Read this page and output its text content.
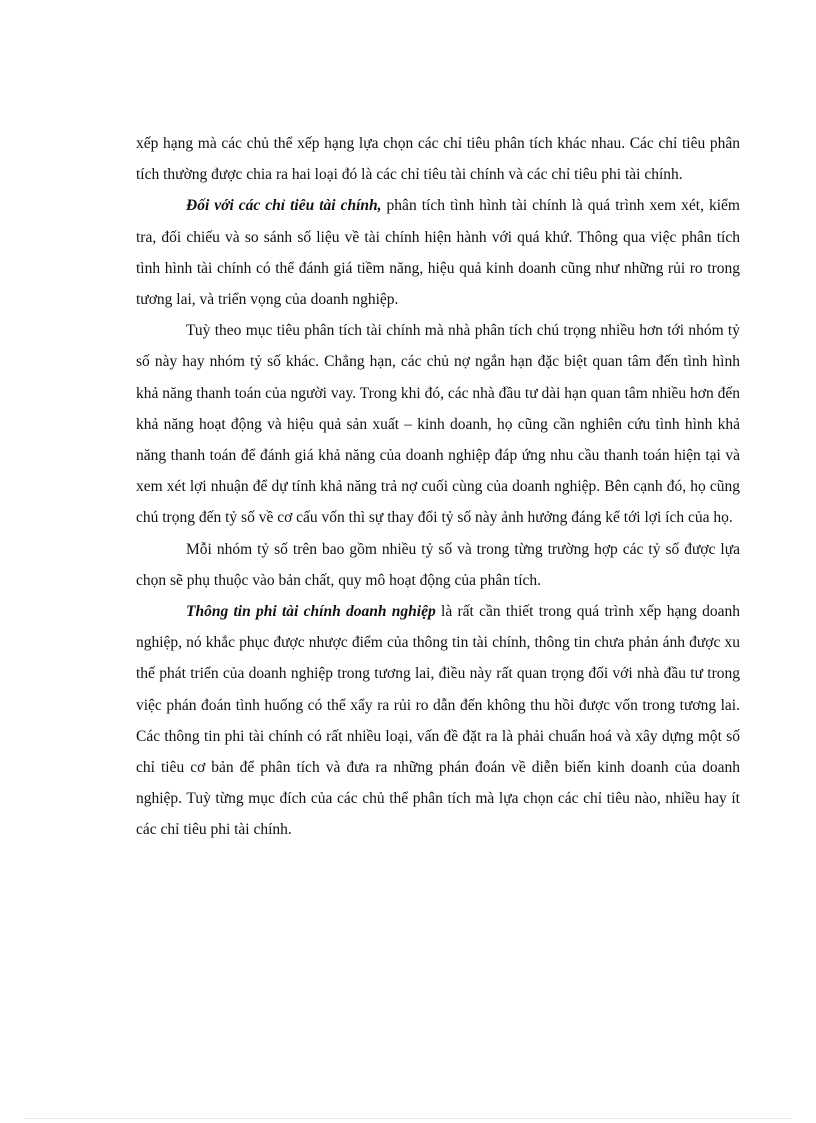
xếp hạng mà các chủ thể xếp hạng lựa chọn các chỉ tiêu phân tích khác nhau. Các chỉ tiêu phân tích thường được chia ra hai loại đó là các chỉ tiêu tài chính và các chỉ tiêu phi tài chính.

Đối với các chỉ tiêu tài chính, phân tích tình hình tài chính là quá trình xem xét, kiểm tra, đối chiếu và so sánh số liệu về tài chính hiện hành với quá khứ. Thông qua việc phân tích tình hình tài chính có thể đánh giá tiềm năng, hiệu quả kinh doanh cũng như những rủi ro trong tương lai, và triển vọng của doanh nghiệp.

Tuỳ theo mục tiêu phân tích tài chính mà nhà phân tích chú trọng nhiều hơn tới nhóm tỷ số này hay nhóm tỷ số khác. Chẳng hạn, các chủ nợ ngắn hạn đặc biệt quan tâm đến tình hình khả năng thanh toán của người vay. Trong khi đó, các nhà đầu tư dài hạn quan tâm nhiều hơn đến khả năng hoạt động và hiệu quả sản xuất – kinh doanh, họ cũng cần nghiên cứu tình hình khả năng thanh toán để đánh giá khả năng của doanh nghiệp đáp ứng nhu cầu thanh toán hiện tại và xem xét lợi nhuận để dự tính khả năng trả nợ cuối cùng của doanh nghiệp. Bên cạnh đó, họ cũng chú trọng đến tỷ số về cơ cấu vốn thì sự thay đổi tỷ số này ảnh hưởng đáng kể tới lợi ích của họ.

Mỗi nhóm tỷ số trên bao gồm nhiều tỷ số và trong từng trường hợp các tỷ số được lựa chọn sẽ phụ thuộc vào bản chất, quy mô hoạt động của phân tích.

Thông tin phi tài chính doanh nghiệp là rất cần thiết trong quá trình xếp hạng doanh nghiệp, nó khắc phục được nhược điểm của thông tin tài chính, thông tin chưa phản ánh được xu thế phát triển của doanh nghiệp trong tương lai, điều này rất quan trọng đối với nhà đầu tư trong việc phán đoán tình huống có thể xẩy ra rủi ro dẫn đến không thu hồi được vốn trong tương lai. Các thông tin phi tài chính có rất nhiều loại, vấn đề đặt ra là phải chuẩn hoá và xây dựng một số chỉ tiêu cơ bản để phân tích và đưa ra những phán đoán về diễn biến kinh doanh của doanh nghiệp. Tuỳ từng mục đích của các chủ thể phân tích mà lựa chọn các chỉ tiêu nào, nhiều hay ít các chỉ tiêu phi tài chính.
